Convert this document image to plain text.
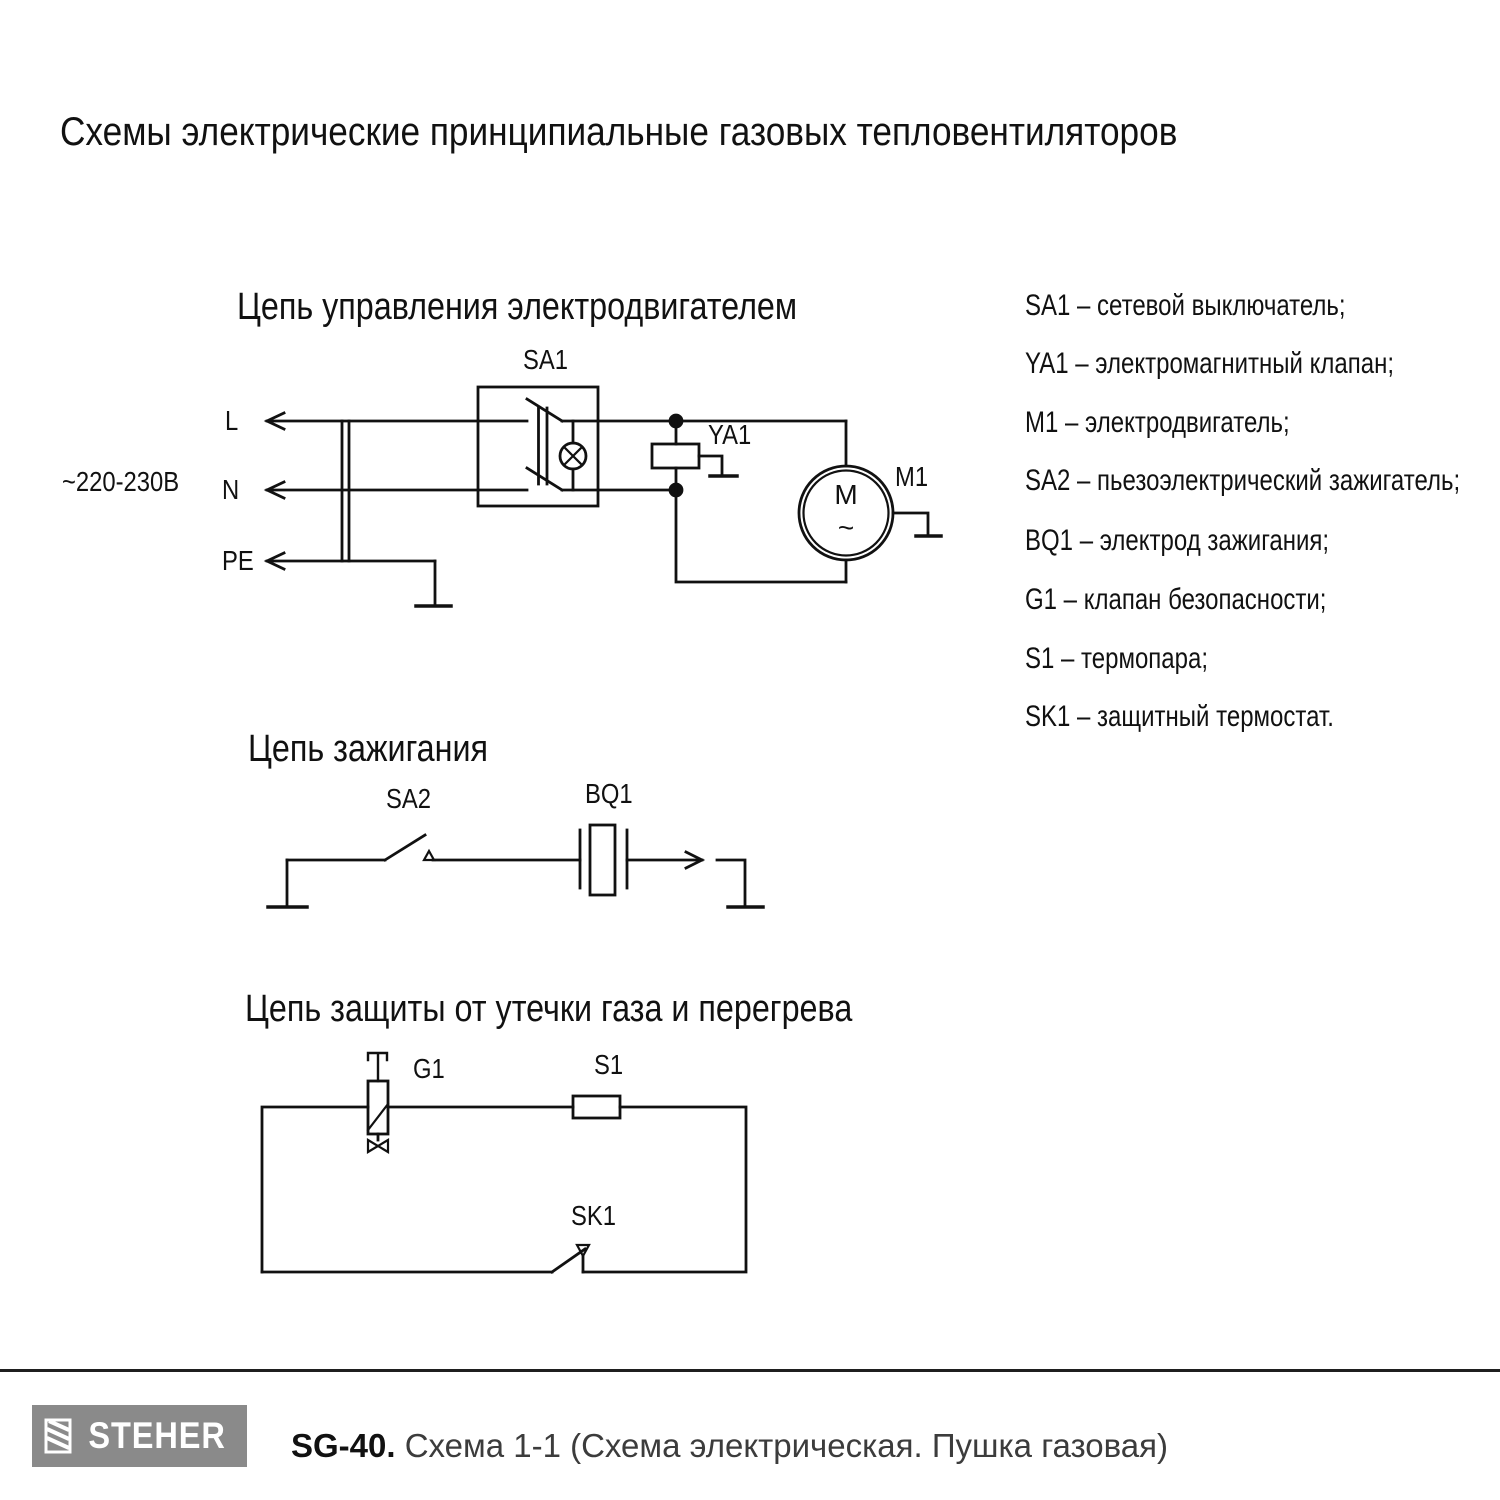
Схемы электрические принципиальные газовых тепловентиляторов
Цепь управления электродвигателем
~220-230В
L
N
PE
SA1
YA1
M1
M
~
Цепь зажигания
SA2	BQ1
Цепь защиты от утечки газа и перегрева
G1	S1
SK1
SA1 – сетевой выключатель;
YA1 – электромагнитный клапан;
M1 – электродвигатель;
SA2 – пьезоэлектрический зажигатель;
BQ1 – электрод зажигания;
G1 – клапан безопасности;
S1 – термопара;
SK1 – защитный термостат.
STEHER SG-40. Схема 1-1 (Схема электрическая. Пушка газовая)
